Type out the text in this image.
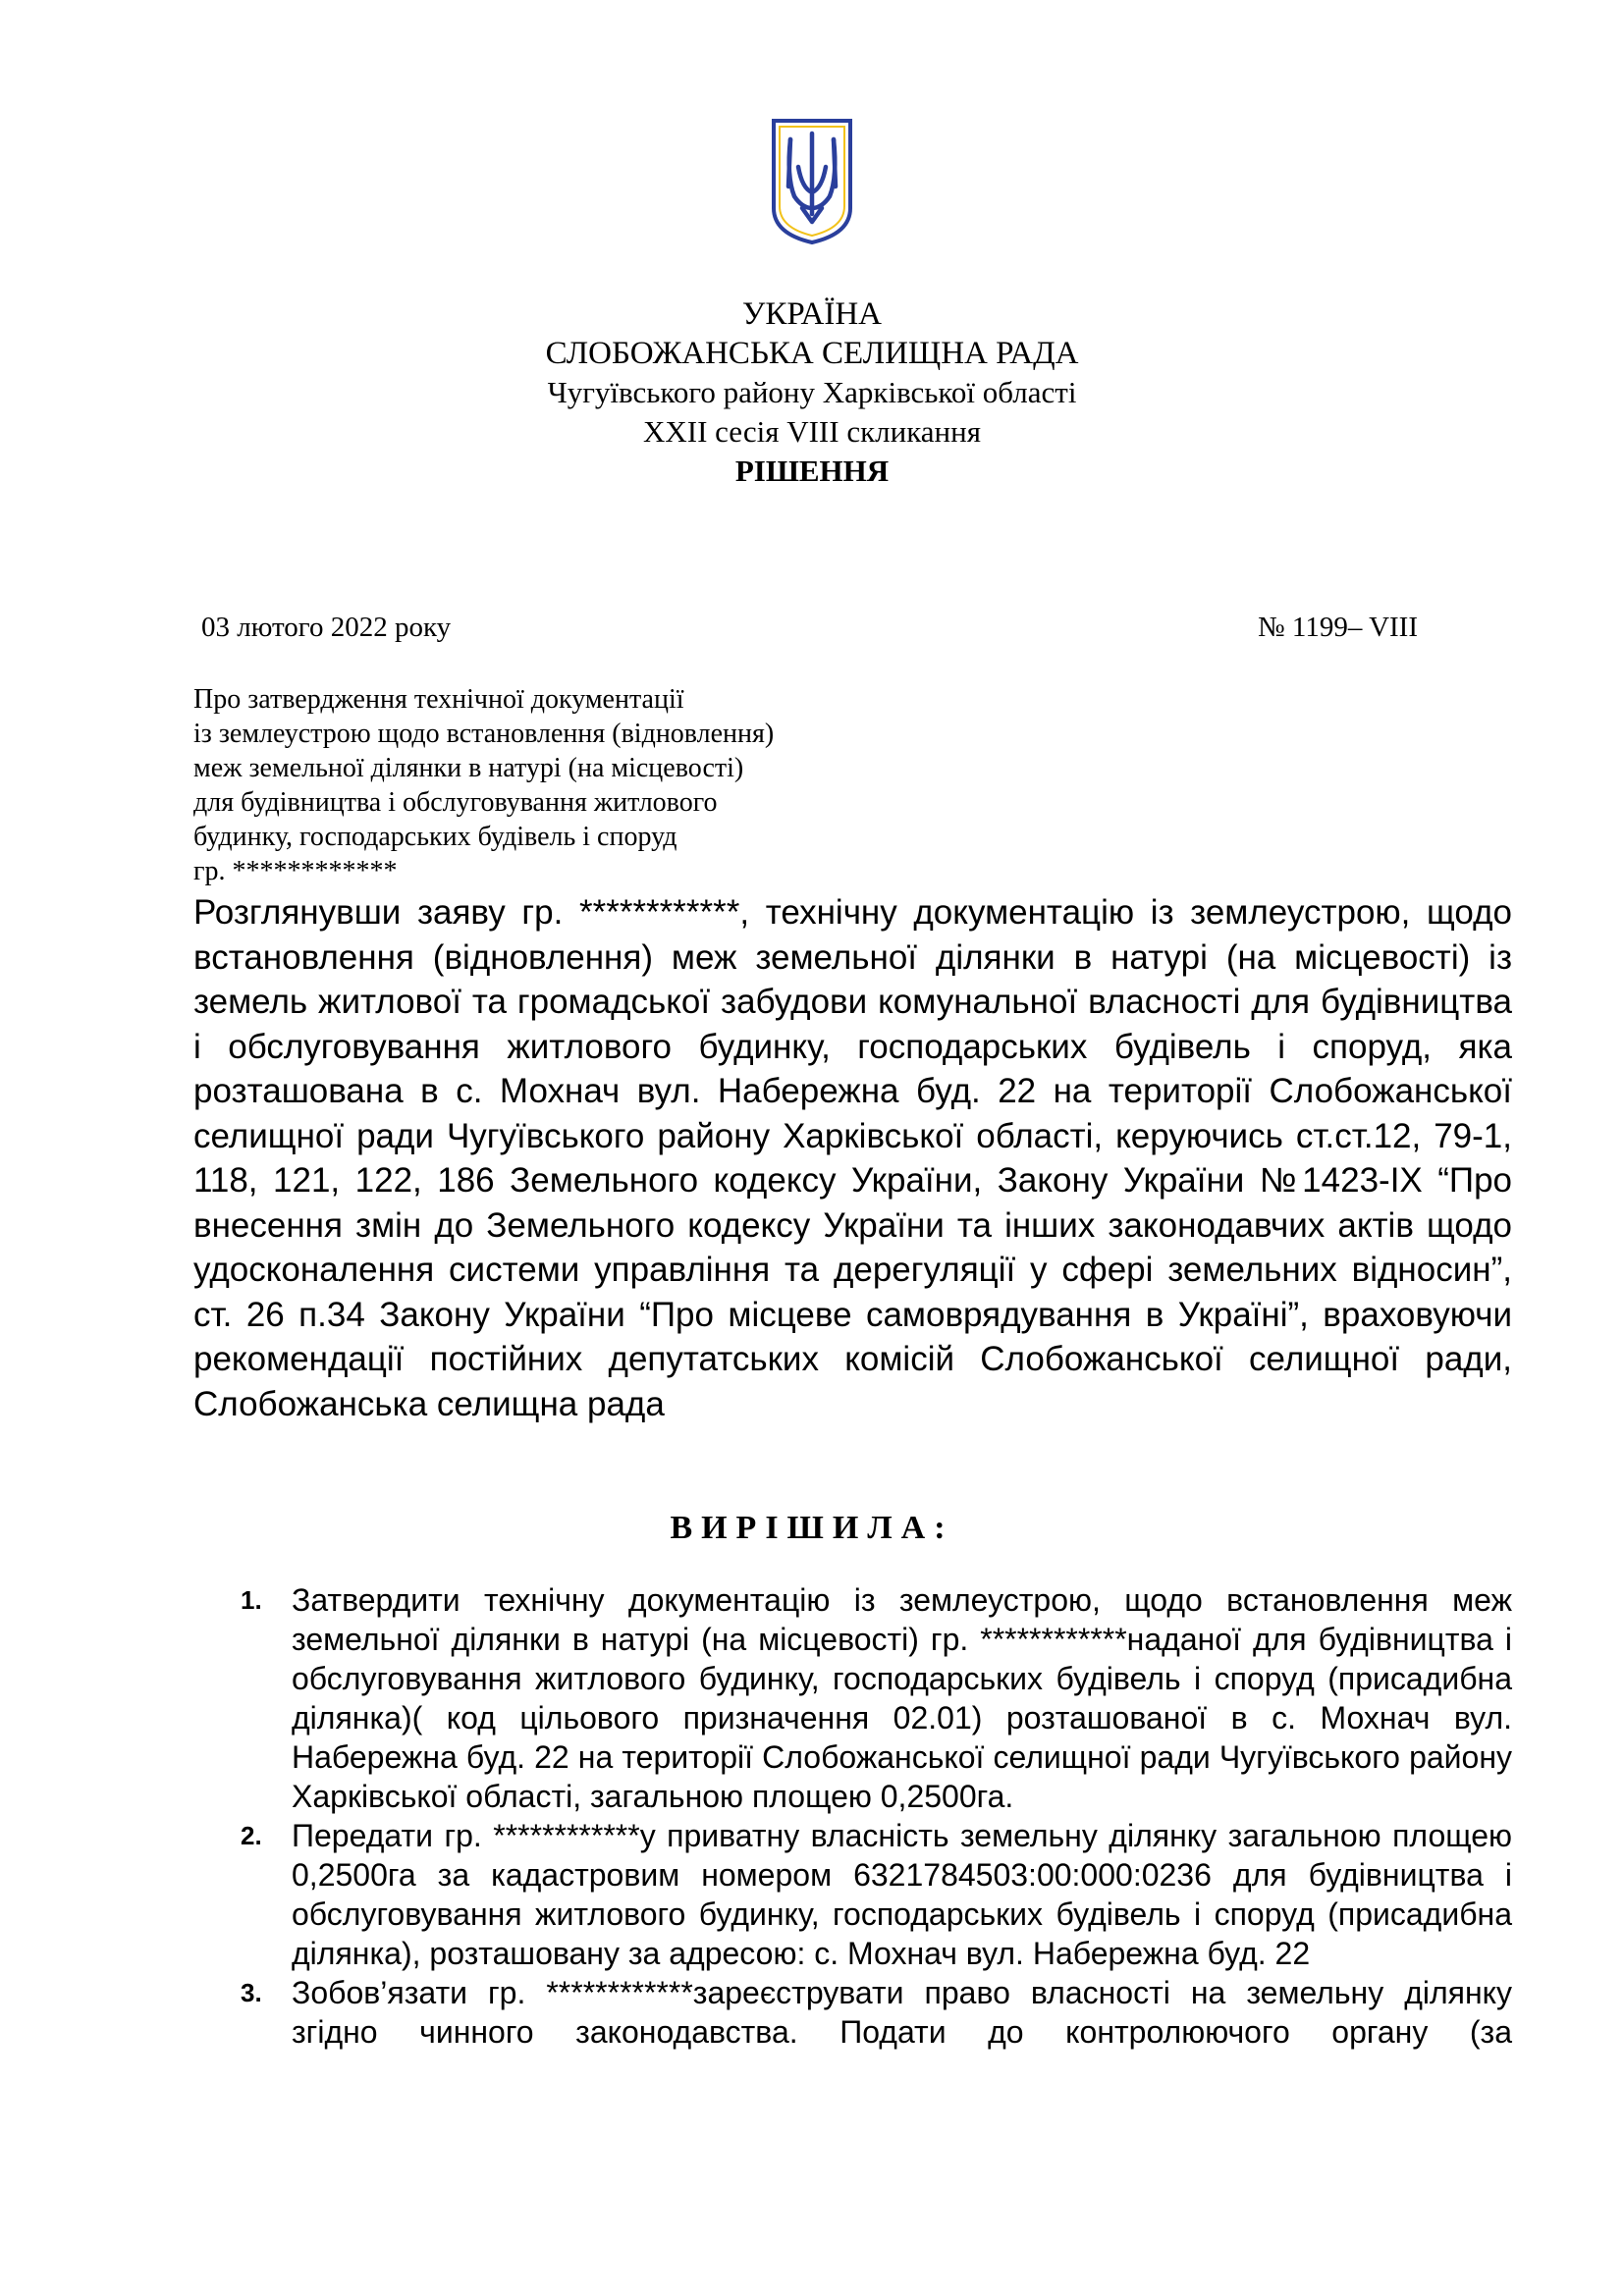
УКРАЇНА
СЛОБОЖАНСЬКА СЕЛИЩНА РАДА
Чугуївського району Харківської області
XXII сесія VIII скликання
РІШЕННЯ
03 лютого 2022 року	№ 1199– VIII
Про затвердження технічної документації
із землеустрою щодо встановлення (відновлення)
меж земельної ділянки в натурі (на місцевості)
для будівництва і обслуговування житлового
будинку, господарських будівель і споруд
гр. ************
Розглянувши заяву гр. ************, технічну документацію із землеустрою, щодо встановлення (відновлення) меж земельної ділянки в натурі (на місцевості) із земель житлової та громадської забудови комунальної власності для будівництва і обслуговування житлового будинку, господарських будівель і споруд, яка розташована в с. Мохнач вул. Набережна буд. 22 на території Слобожанської селищної ради Чугуївського району Харківської області, керуючись ст.ст.12, 79-1, 118, 121, 122, 186 Земельного кодексу України, Закону України №1423-IX “Про внесення змін до Земельного кодексу України та інших законодавчих актів щодо удосконалення системи управління та дерегуляції у сфері земельних відносин”, ст. 26 п.34 Закону України “Про місцеве самоврядування в Україні”, враховуючи рекомендації постійних депутатських комісій Слобожанської селищної ради, Слобожанська селищна рада
ВИРІШИЛА:
1. Затвердити технічну документацію із землеустрою, щодо встановлення меж земельної ділянки в натурі (на місцевості) гр. ************наданої для будівництва і обслуговування житлового будинку, господарських будівель і споруд (присадибна ділянка)( код цільового призначення 02.01) розташованої в с. Мохнач вул. Набережна буд. 22 на території Слобожанської селищної ради Чугуївського району Харківської області, загальною площею 0,2500га.
2. Передати гр. ************у приватну власність земельну ділянку загальною площею 0,2500га за кадастровим номером 6321784503:00:000:0236 для будівництва і обслуговування житлового будинку, господарських будівель і споруд (присадибна ділянка), розташовану за адресою: с. Мохнач вул. Набережна буд. 22
3. Зобов’язати гр. ************зареєструвати право власності на земельну ділянку згідно чинного законодавства. Подати до контролюючого органу (за
